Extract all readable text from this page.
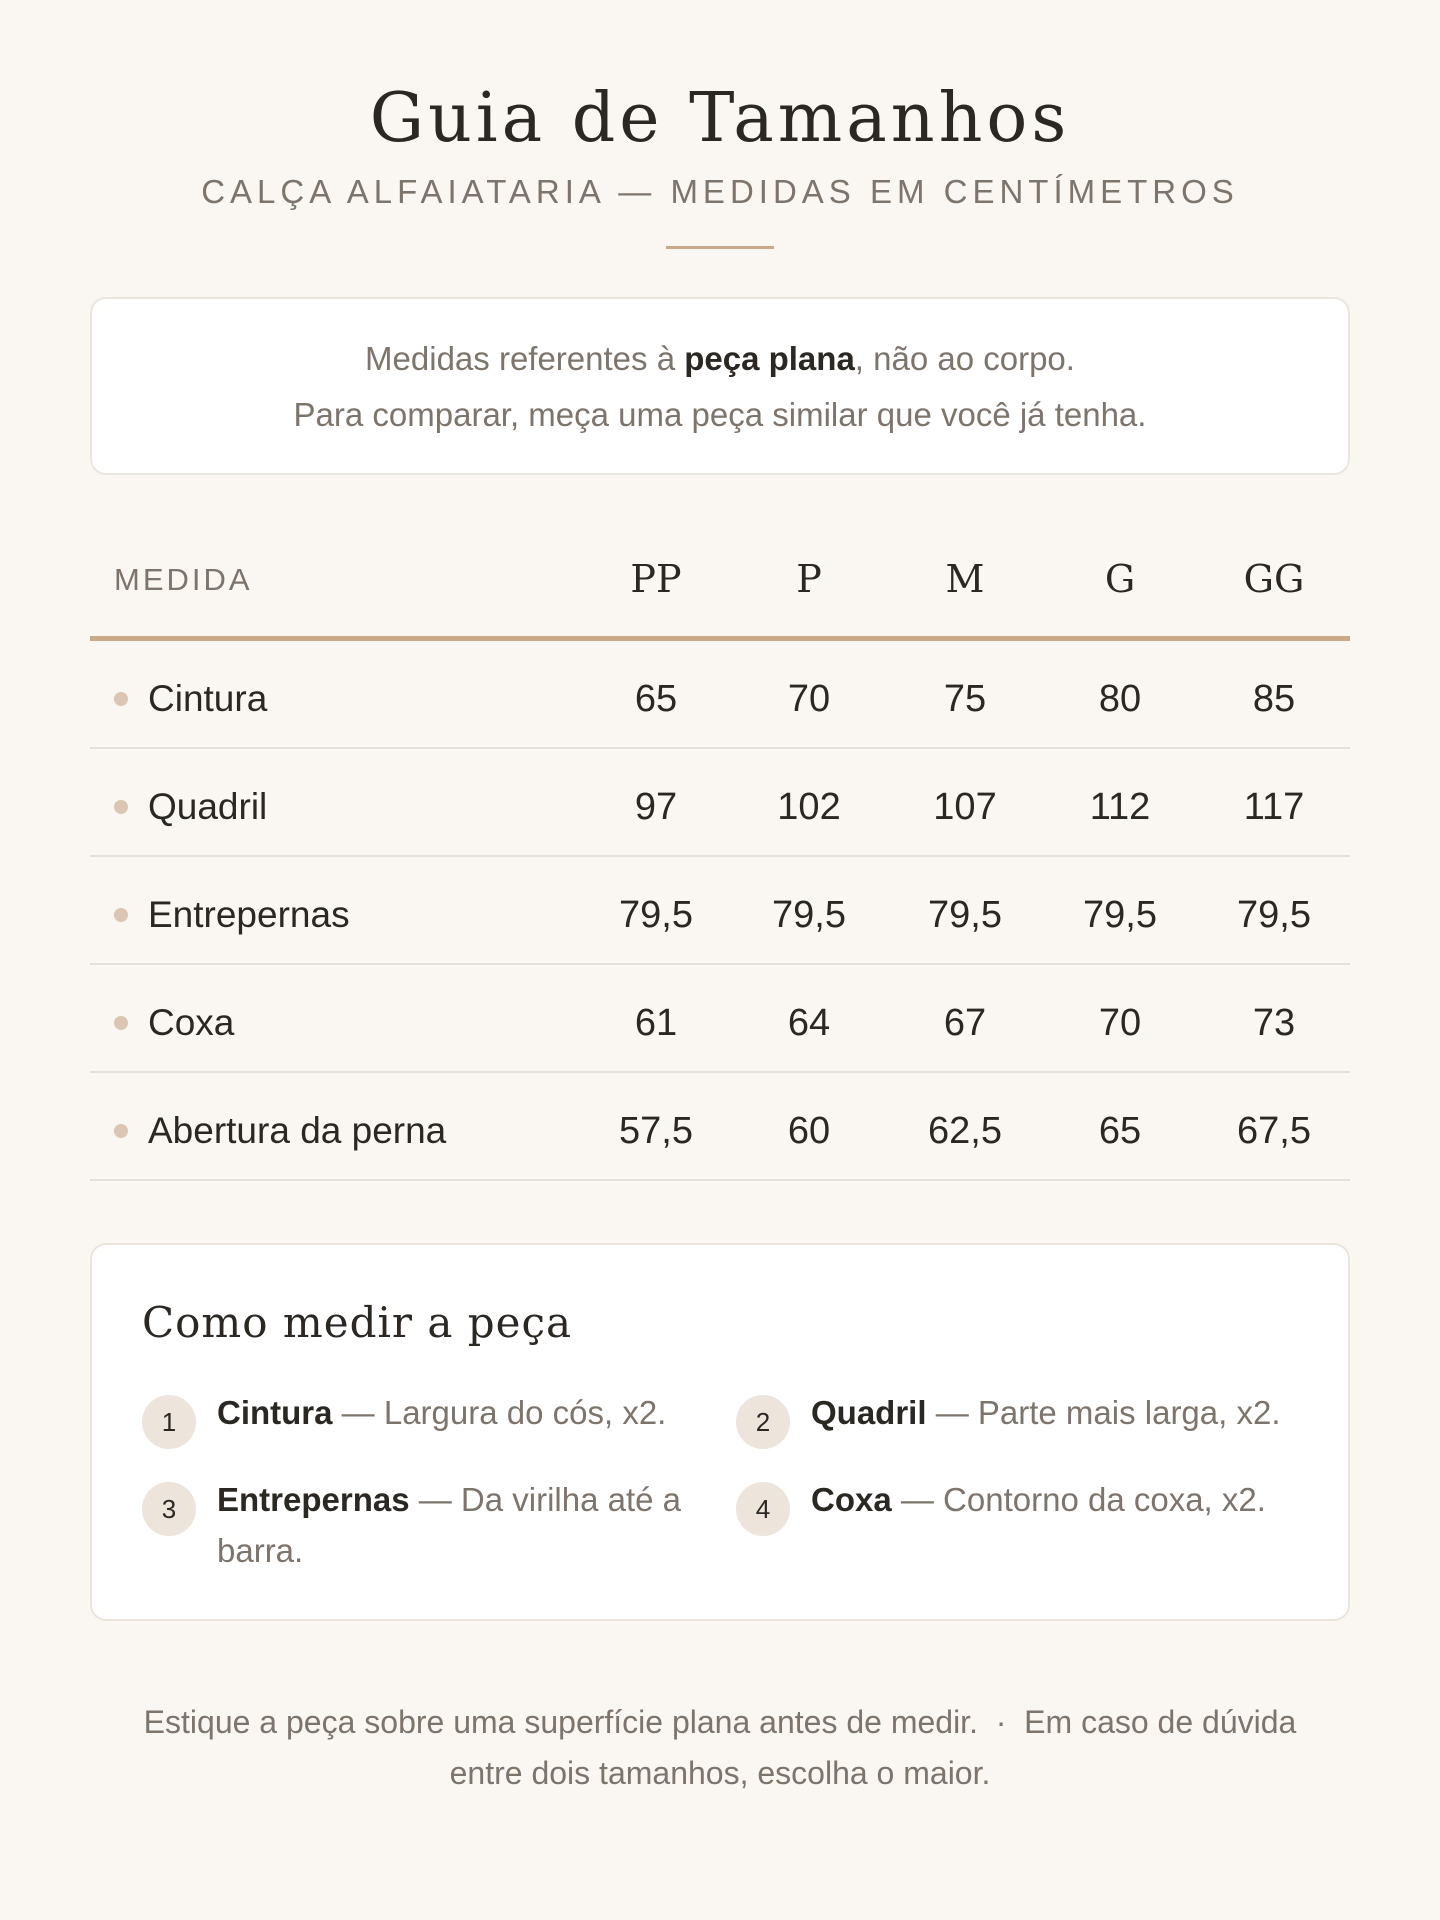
Guia de Tamanhos
CALÇA ALFAIATARIA — MEDIDAS EM CENTÍMETROS
Medidas referentes à peça plana, não ao corpo.
Para comparar, meça uma peça similar que você já tenha.
MEDIDA	PP	P	M	G	GG
Cintura	65	70	75	80	85
Quadril	97	102	107	112	117
Entrepernas	79,5	79,5	79,5	79,5	79,5
Coxa	61	64	67	70	73
Abertura da perna	57,5	60	62,5	65	67,5
Como medir a peça
1	Cintura — Largura do cós, x2.	2	Quadril — Parte mais larga, x2.
3	Entrepernas — Da virilha até a barra.
4	Coxa — Contorno da coxa, x2.
Estique a peça sobre uma superfície plana antes de medir.  ·  Em caso de dúvida
entre dois tamanhos, escolha o maior.
